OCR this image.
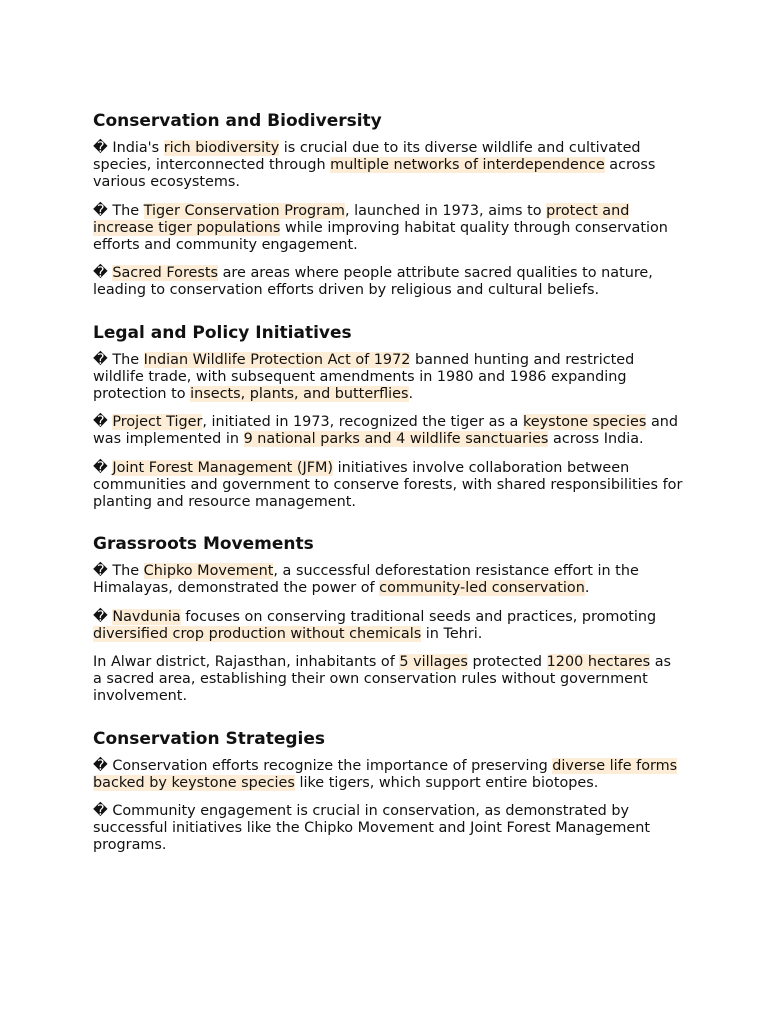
Conservation and Biodiversity

� India's rich biodiversity is crucial due to its diverse wildlife and cultivated species, interconnected through multiple networks of interdependence across various ecosystems.

� The Tiger Conservation Program, launched in 1973, aims to protect and increase tiger populations while improving habitat quality through conservation efforts and community engagement.

� Sacred Forests are areas where people attribute sacred qualities to nature, leading to conservation efforts driven by religious and cultural beliefs.

Legal and Policy Initiatives

� The Indian Wildlife Protection Act of 1972 banned hunting and restricted wildlife trade, with subsequent amendments in 1980 and 1986 expanding protection to insects, plants, and butterflies.

� Project Tiger, initiated in 1973, recognized the tiger as a keystone species and was implemented in 9 national parks and 4 wildlife sanctuaries across India.

� Joint Forest Management (JFM) initiatives involve collaboration between communities and government to conserve forests, with shared responsibilities for planting and resource management.

Grassroots Movements

� The Chipko Movement, a successful deforestation resistance effort in the Himalayas, demonstrated the power of community-led conservation.

� Navdunia focuses on conserving traditional seeds and practices, promoting diversified crop production without chemicals in Tehri.

In Alwar district, Rajasthan, inhabitants of 5 villages protected 1200 hectares as a sacred area, establishing their own conservation rules without government involvement.

Conservation Strategies

� Conservation efforts recognize the importance of preserving diverse life forms backed by keystone species like tigers, which support entire biotopes.

� Community engagement is crucial in conservation, as demonstrated by successful initiatives like the Chipko Movement and Joint Forest Management programs.
